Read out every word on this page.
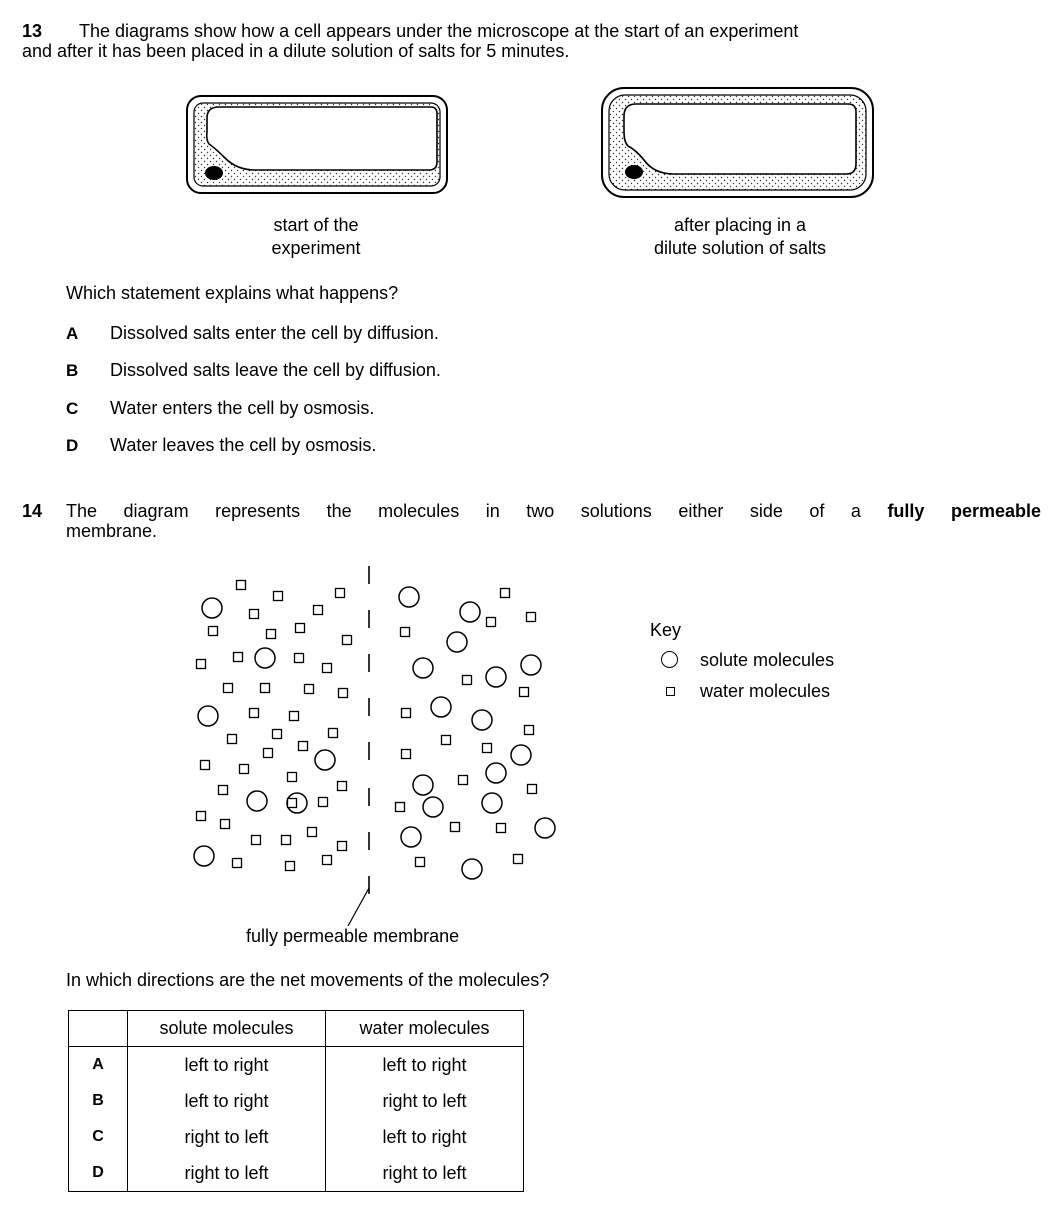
13 The diagrams show how a cell appears under the microscope at the start of an experiment
and after it has been placed in a dilute solution of salts for 5 minutes.
start of the
experiment
after placing in a
dilute solution of salts
Which statement explains what happens?
A Dissolved salts enter the cell by diffusion.
B Dissolved salts leave the cell by diffusion.
C Water enters the cell by osmosis.
D Water leaves the cell by osmosis.
14 The diagram represents the molecules in two solutions either side of a fully permeable
membrane.
fully permeable membrane
Key
solute molecules
water molecules
In which directions are the net movements of the molecules?
	solute molecules	water molecules
A	left to right	left to right
B	left to right	right to left
C	right to left	left to right
D	right to left	right to left
